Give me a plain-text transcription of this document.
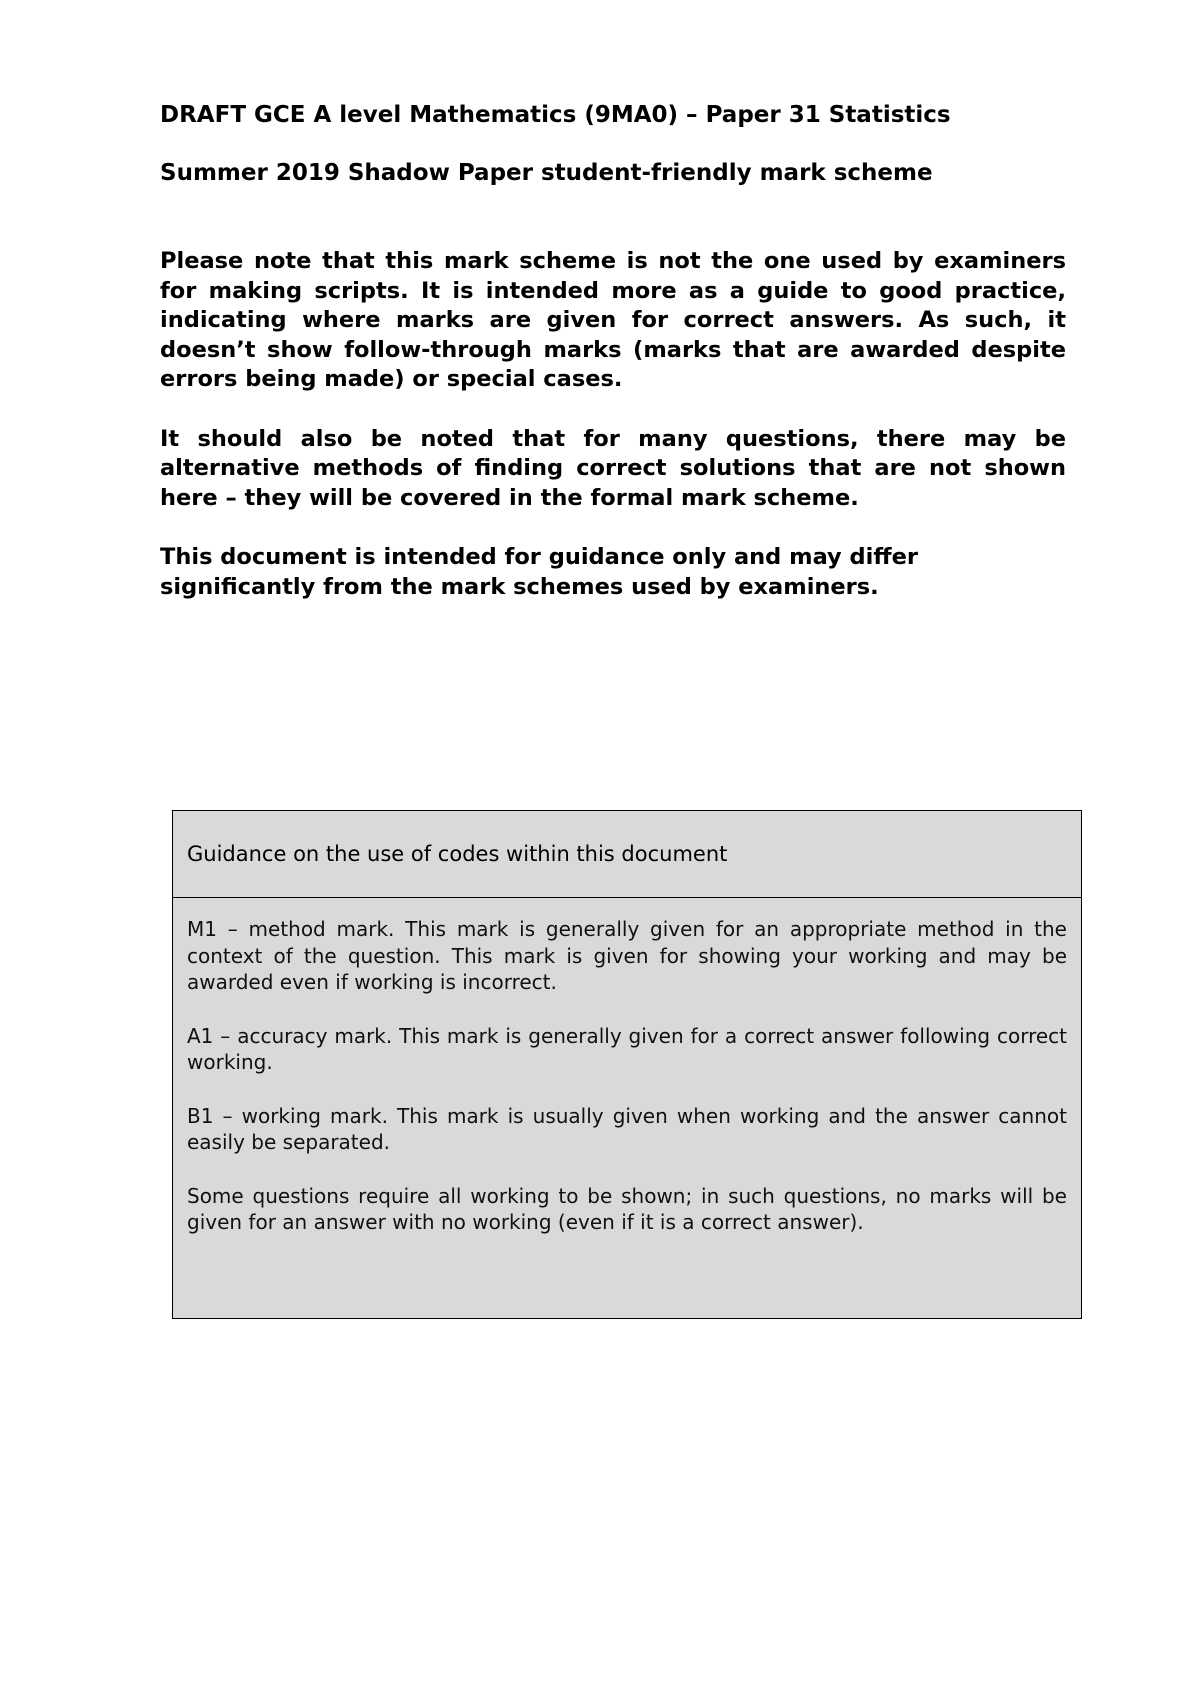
DRAFT GCE A level Mathematics (9MA0) – Paper 31 Statistics
Summer 2019 Shadow Paper student-friendly mark scheme

Please note that this mark scheme is not the one used by examiners for making scripts. It is intended more as a guide to good practice, indicating where marks are given for correct answers. As such, it doesn’t show follow-through marks (marks that are awarded despite errors being made) or special cases.

It should also be noted that for many questions, there may be alternative methods of finding correct solutions that are not shown here – they will be covered in the formal mark scheme.

This document is intended for guidance only and may differ significantly from the mark schemes used by examiners.

Guidance on the use of codes within this document

M1 – method mark. This mark is generally given for an appropriate method in the context of the question. This mark is given for showing your working and may be awarded even if working is incorrect.

A1 – accuracy mark. This mark is generally given for a correct answer following correct working.

B1 – working mark. This mark is usually given when working and the answer cannot easily be separated.

Some questions require all working to be shown; in such questions, no marks will be given for an answer with no working (even if it is a correct answer).
